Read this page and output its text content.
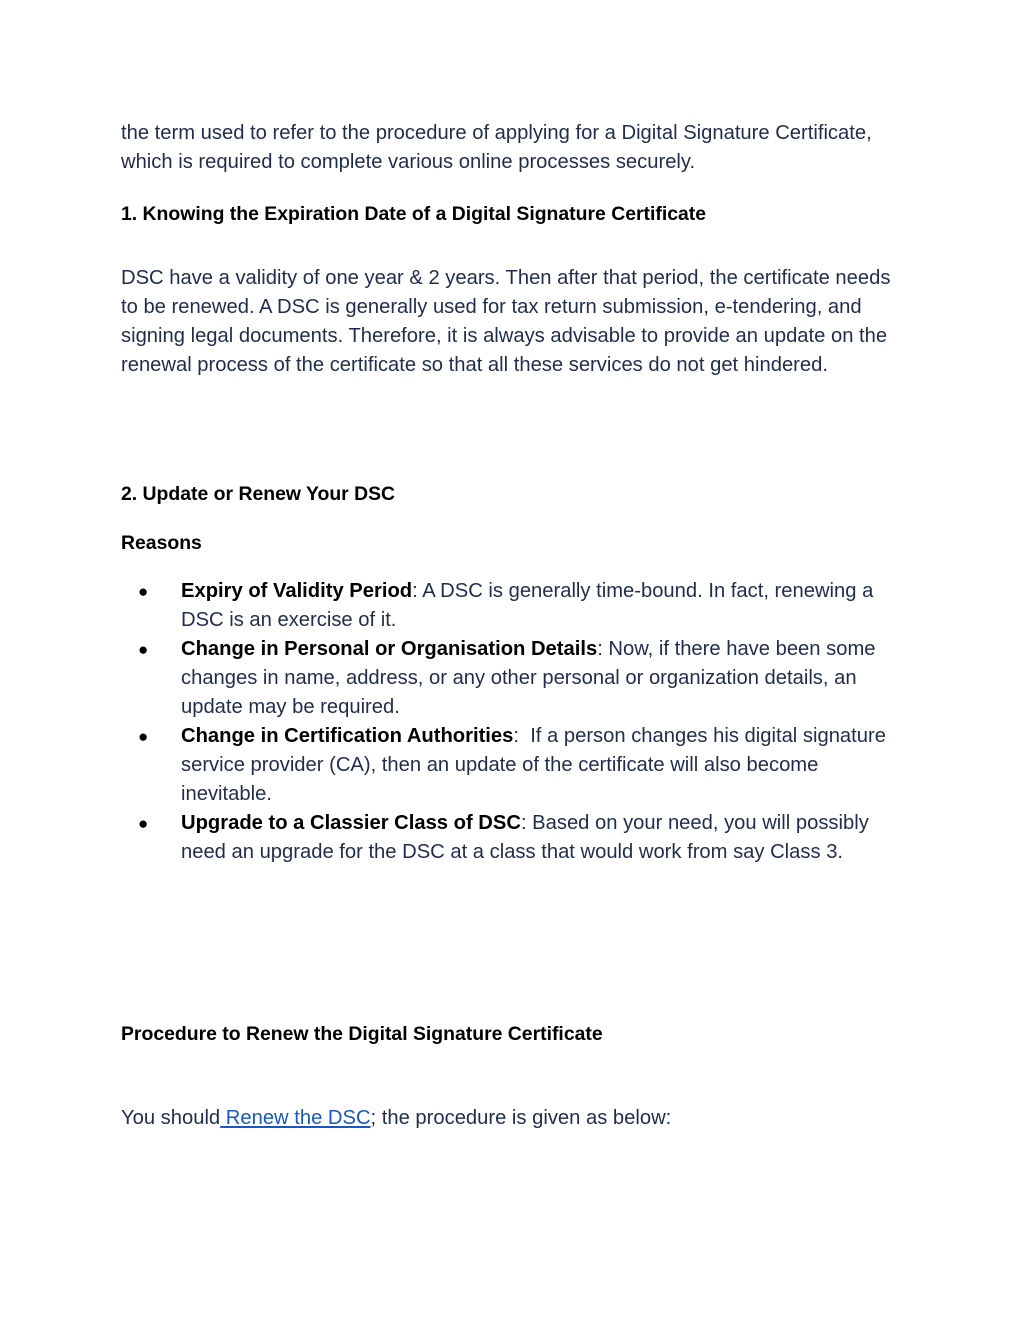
the term used to refer to the procedure of applying for a Digital Signature Certificate, which is required to complete various online processes securely.

1. Knowing the Expiration Date of a Digital Signature Certificate

DSC have a validity of one year & 2 years. Then after that period, the certificate needs to be renewed. A DSC is generally used for tax return submission, e-tendering, and signing legal documents. Therefore, it is always advisable to provide an update on the renewal process of the certificate so that all these services do not get hindered.

2. Update or Renew Your DSC
Reasons
● Expiry of Validity Period: A DSC is generally time-bound. In fact, renewing a DSC is an exercise of it.
● Change in Personal or Organisation Details: Now, if there have been some changes in name, address, or any other personal or organization details, an update may be required.
● Change in Certification Authorities:  If a person changes his digital signature service provider (CA), then an update of the certificate will also become inevitable.
● Upgrade to a Classier Class of DSC: Based on your need, you will possibly need an upgrade for the DSC at a class that would work from say Class 3.
Procedure to Renew the Digital Signature Certificate

You should Renew the DSC; the procedure is given as below:
